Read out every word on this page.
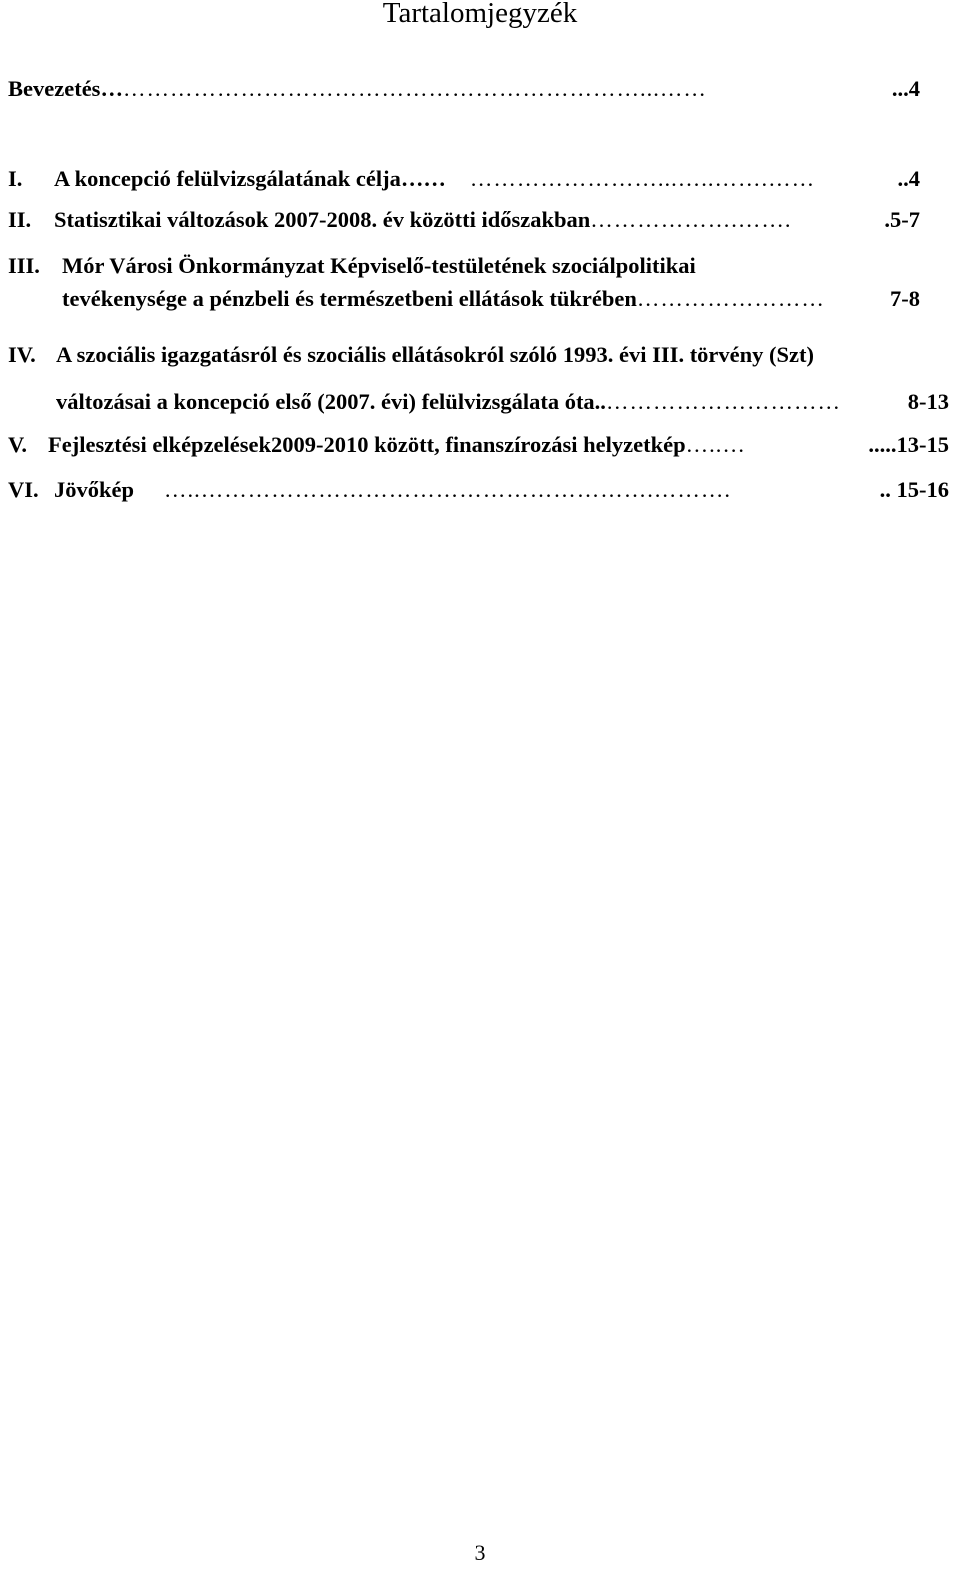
Tartalomjegyzék
Bevezetés… …………………………………………………………...……	...4
I.	A koncepció felülvizsgálatának célja……	……………………...…..…….……	..4
II.	Statisztikai változások 2007-2008. év közötti időszakban ……………….…….	.5-7
III. Mór Városi Önkormányzat Képviselő-testületének szociálpolitikai
tevékenysége a pénzbeli és természetbeni ellátások tükrében ……………………	7-8
IV. A szociális igazgatásról és szociális ellátásokról szóló 1993. évi III. törvény (Szt)
változásai a koncepció első (2007. évi) felülvizsgálata óta.. …………………………	8-13
V. Fejlesztési elképzelések2009-2010 között, finanszírozási helyzetkép …..…	.....13-15
VI. Jövőkép	…..………………………………………………….……….	.. 15-16
3
